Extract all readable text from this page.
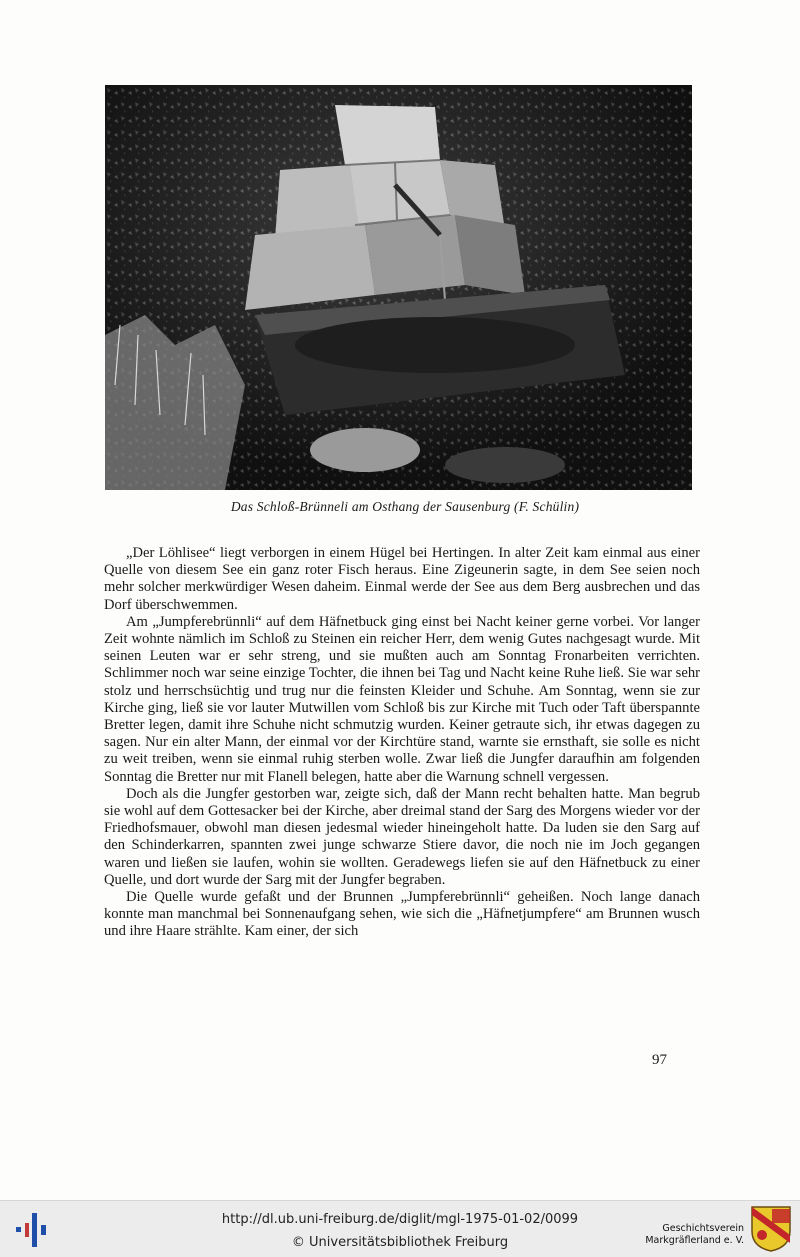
Das Schloß-Brünneli am Osthang der Sausenburg (F. Schülin)

„Der Löhlisee“ liegt verborgen in einem Hügel bei Hertingen. In alter Zeit kam einmal aus einer Quelle von diesem See ein ganz roter Fisch heraus. Eine Zigeunerin sagte, in dem See seien noch mehr solcher merkwürdiger Wesen daheim. Einmal werde der See aus dem Berg ausbrechen und das Dorf überschwemmen.

Am „Jumpferebrünnli“ auf dem Häfnetbuck ging einst bei Nacht keiner gerne vorbei. Vor langer Zeit wohnte nämlich im Schloß zu Steinen ein reicher Herr, dem wenig Gutes nachgesagt wurde. Mit seinen Leuten war er sehr streng, und sie mußten auch am Sonntag Fronarbeiten verrichten. Schlimmer noch war seine einzige Tochter, die ihnen bei Tag und Nacht keine Ruhe ließ. Sie war sehr stolz und herrschsüchtig und trug nur die feinsten Kleider und Schuhe. Am Sonntag, wenn sie zur Kirche ging, ließ sie vor lauter Mutwillen vom Schloß bis zur Kirche mit Tuch oder Taft überspannte Bretter legen, damit ihre Schuhe nicht schmutzig wurden. Keiner getraute sich, ihr etwas dagegen zu sagen. Nur ein alter Mann, der einmal vor der Kirchtüre stand, warnte sie ernsthaft, sie solle es nicht zu weit treiben, wenn sie einmal ruhig sterben wolle. Zwar ließ die Jungfer daraufhin am folgenden Sonntag die Bretter nur mit Flanell belegen, hatte aber die Warnung schnell vergessen.

Doch als die Jungfer gestorben war, zeigte sich, daß der Mann recht behalten hatte. Man begrub sie wohl auf dem Gottesacker bei der Kirche, aber dreimal stand der Sarg des Morgens wieder vor der Friedhofsmauer, obwohl man diesen jedesmal wieder hineingeholt hatte. Da luden sie den Sarg auf den Schinderkarren, spannten zwei junge schwarze Stiere davor, die noch nie im Joch gegangen waren und ließen sie laufen, wohin sie wollten. Geradewegs liefen sie auf den Häfnetbuck zu einer Quelle, und dort wurde der Sarg mit der Jungfer begraben.

Die Quelle wurde gefaßt und der Brunnen „Jumpferebrünnli“ geheißen. Noch lange danach konnte man manchmal bei Sonnenaufgang sehen, wie sich die „Häfnetjumpfere“ am Brunnen wusch und ihre Haare strählte. Kam einer, der sich

97
http://dl.ub.uni-freiburg.de/diglit/mgl-1975-01-02/0099
© Universitätsbibliothek Freiburg
Geschichtsverein
Markgräflerland e. V.
